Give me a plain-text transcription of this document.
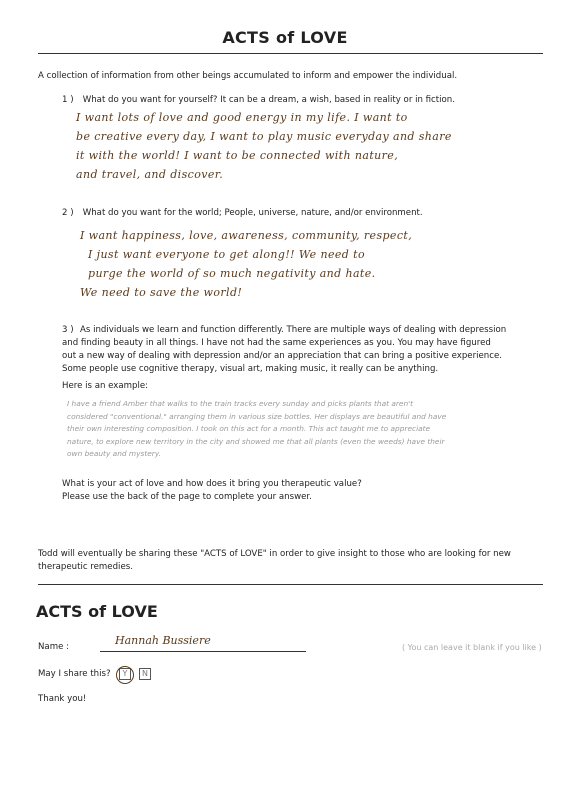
ACTS of LOVE
A collection of information from other beings accumulated to inform and empower the individual.
1 ) What do you want for yourself? It can be a dream, a wish, based in reality or in fiction.
I want lots of love and good energy in my life. I want to
be creative every day, I want to play music everyday and share
it with the world! I want to be connected with nature,
and travel, and discover.
2 ) What do you want for the world; People, universe, nature, and/or environment.
I want happiness, love, awareness, community, respect,
I just want everyone to get along!! We need to
purge the world of so much negativity and hate.
We need to save the world!
3 ) As individuals we learn and function differently. There are multiple ways of dealing with depression
and finding beauty in all things. I have not had the same experiences as you. You may have figured
out a new way of dealing with depression and/or an appreciation that can bring a positive experience.
Some people use cognitive therapy, visual art, making music, it really can be anything.
Here is an example:
I have a friend Amber that walks to the train tracks every sunday and picks plants that aren't
considered "conventional." arranging them in various size bottles. Her displays are beautiful and have
their own interesting composition. I took on this act for a month. This act taught me to appreciate
nature, to explore new territory in the city and showed me that all plants (even the weeds) have their
own beauty and mystery.
What is your act of love and how does it bring you therapeutic value?
Please use the back of the page to complete your answer.
Todd will eventually be sharing these "ACTS of LOVE" in order to give insight to those who are looking for new
therapeutic remedies.
ACTS of LOVE
Name :	Hannah Bussiere
( You can leave it blank if you like )
May I share this?	Y	N
Thank you!
